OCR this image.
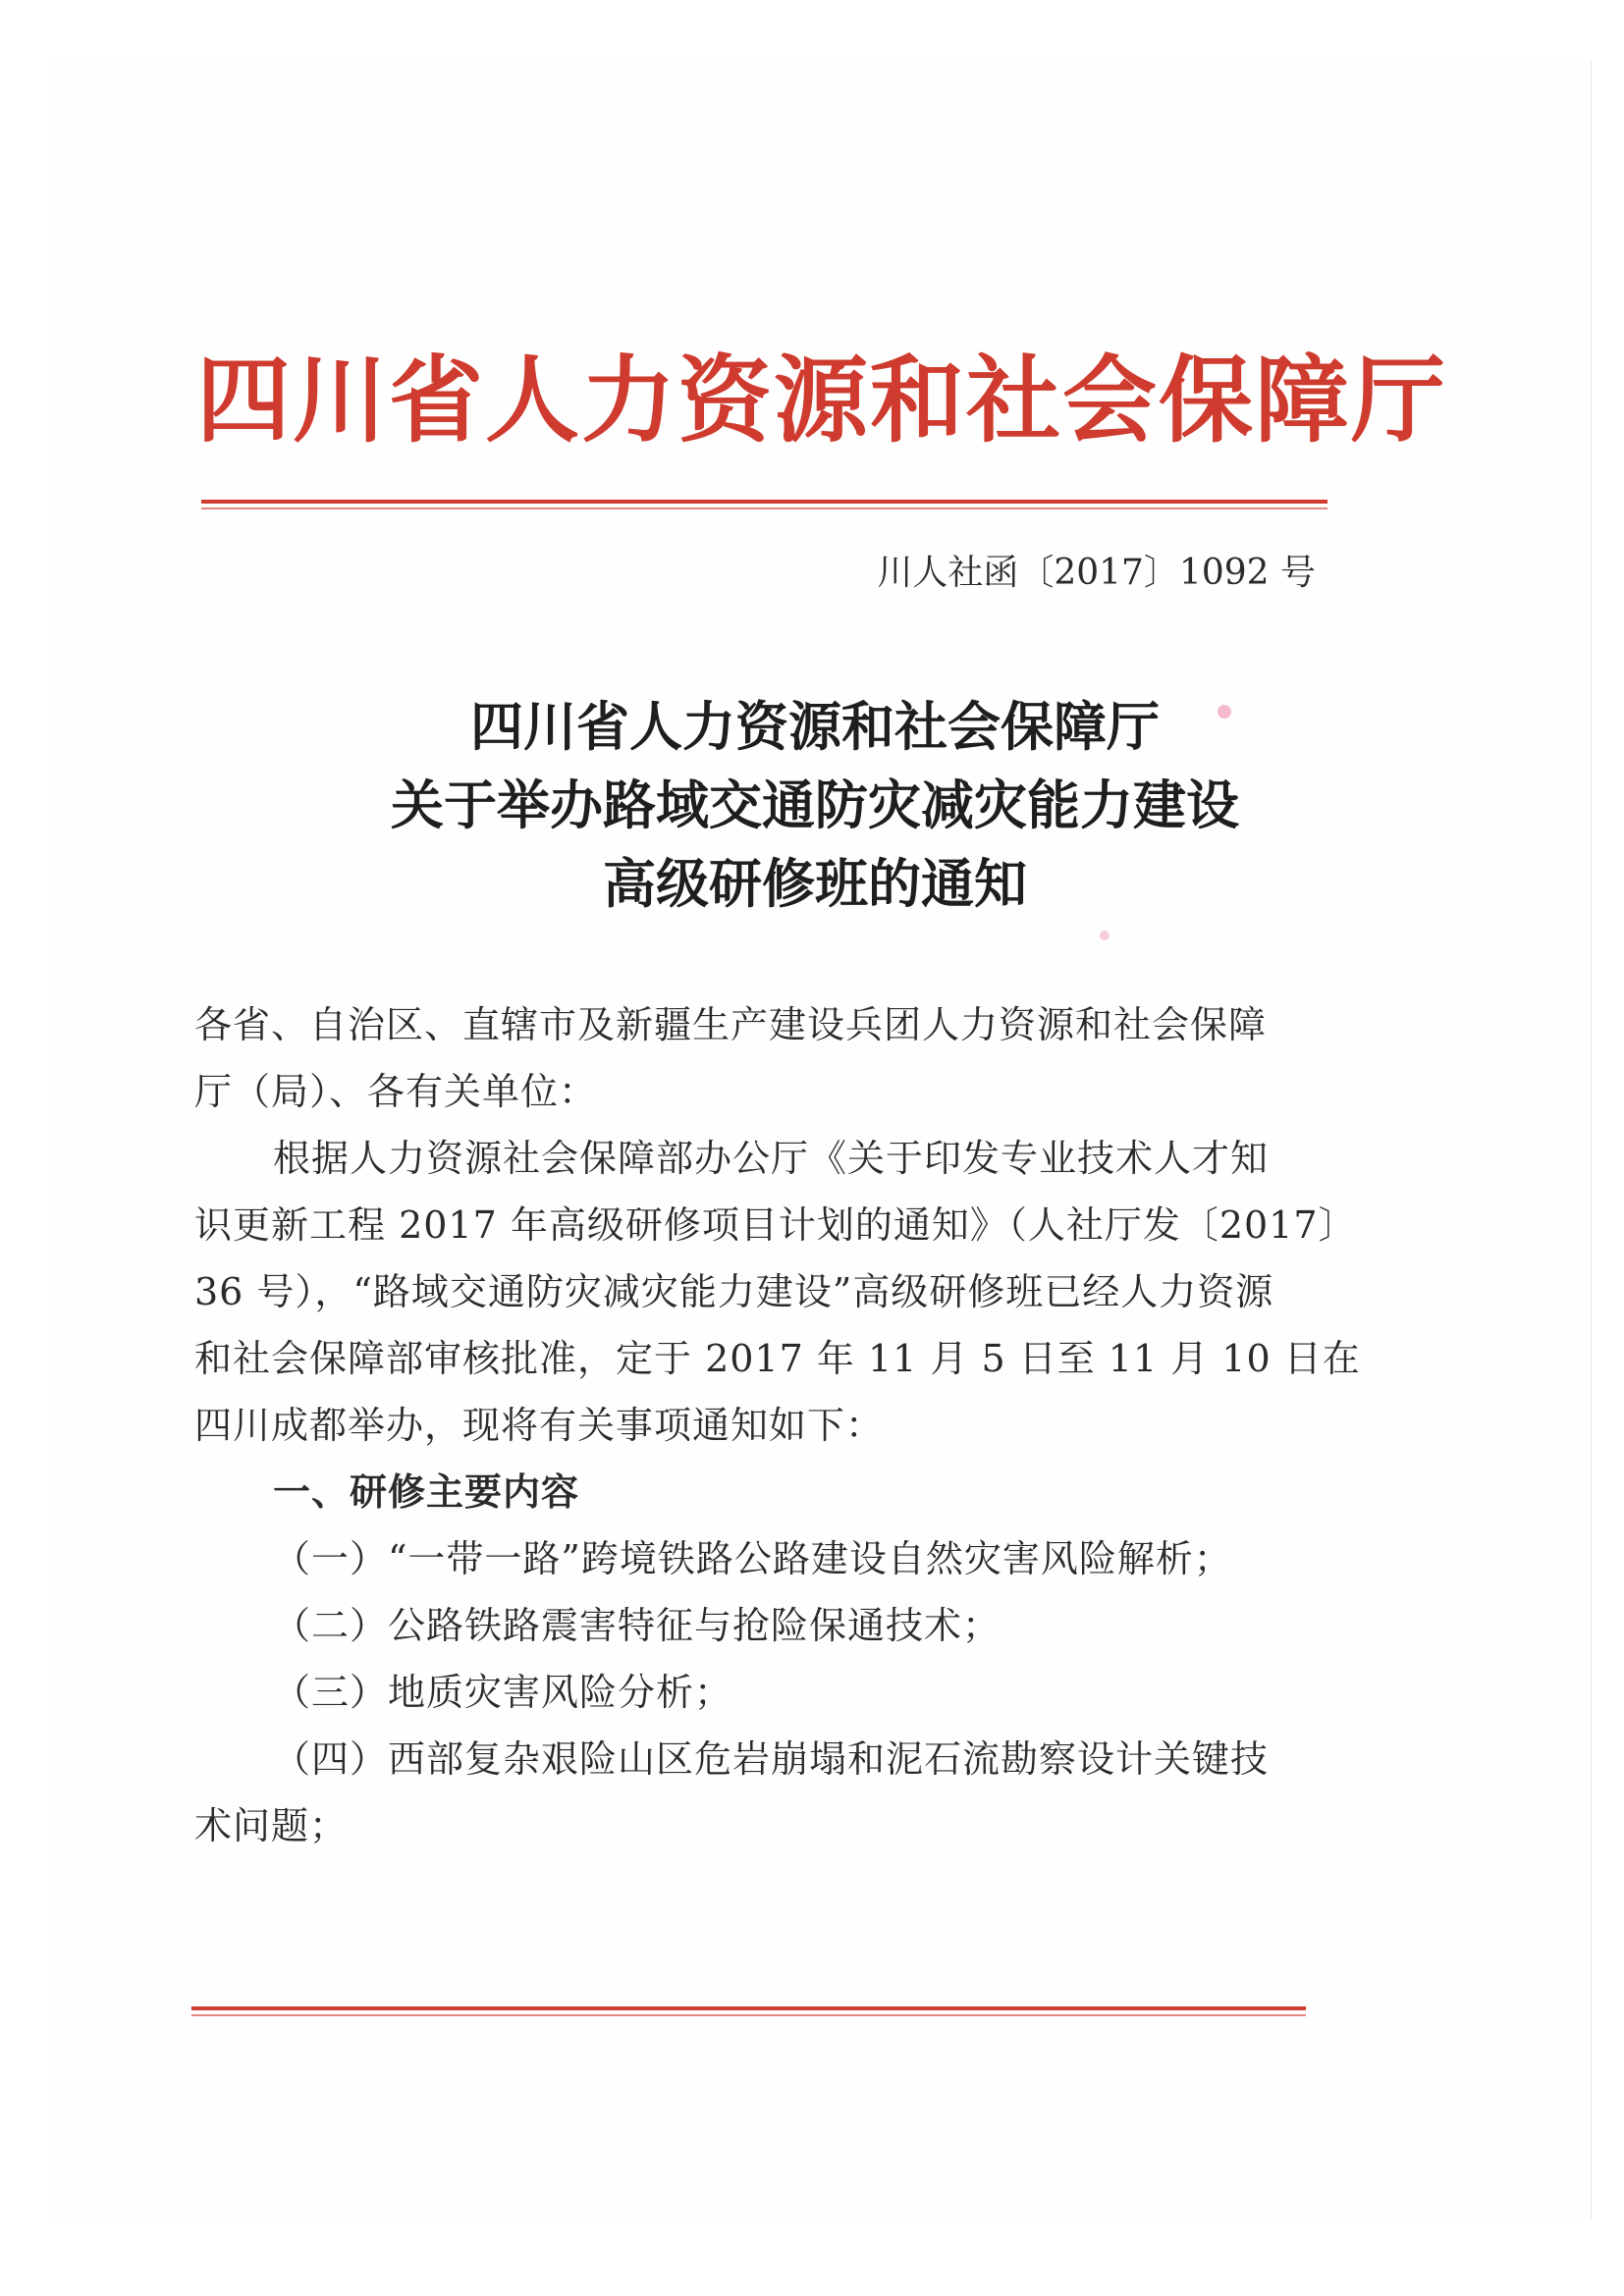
四川省人力资源和社会保障厅
川人社函〔2017〕1092 号
四川省人力资源和社会保障厅
关于举办路域交通防灾减灾能力建设
高级研修班的通知
各省、自治区、直辖市及新疆生产建设兵团人力资源和社会保障
厅（局）、各有关单位：
根据人力资源社会保障部办公厅《关于印发专业技术人才知
识更新工程 2017 年高级研修项目计划的通知》（人社厅发〔2017〕
36 号），“路域交通防灾减灾能力建设”高级研修班已经人力资源
和社会保障部审核批准，定于 2017 年 11 月 5 日至 11 月 10 日在
四川成都举办，现将有关事项通知如下：
一、研修主要内容
（一）“一带一路”跨境铁路公路建设自然灾害风险解析；
（二）公路铁路震害特征与抢险保通技术；
（三）地质灾害风险分析；
（四）西部复杂艰险山区危岩崩塌和泥石流勘察设计关键技
术问题；
